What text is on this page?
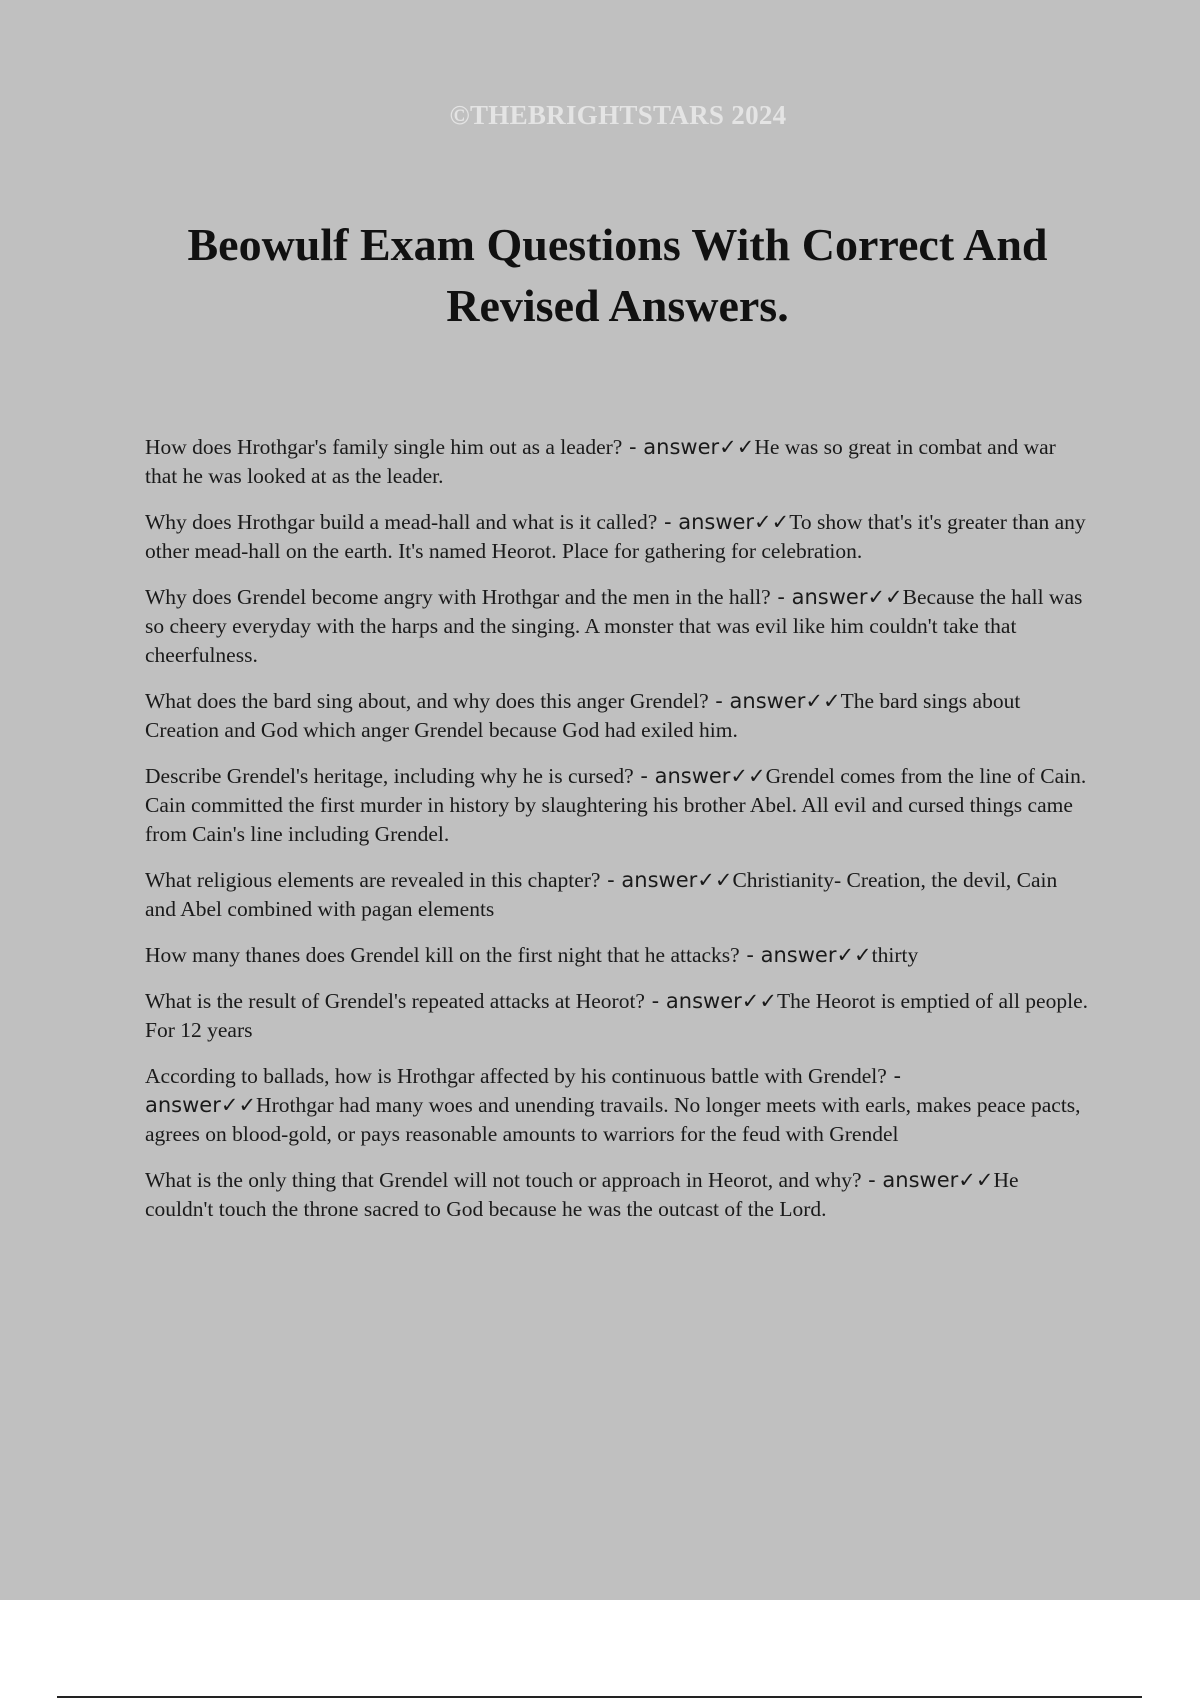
©THEBRIGHTSTARS 2024
Beowulf Exam Questions With Correct And Revised Answers.
How does Hrothgar's family single him out as a leader? - answer✓✓He was so great in combat and war that he was looked at as the leader.
Why does Hrothgar build a mead-hall and what is it called? - answer✓✓To show that's it's greater than any other mead-hall on the earth. It's named Heorot. Place for gathering for celebration.
Why does Grendel become angry with Hrothgar and the men in the hall? - answer✓✓Because the hall was so cheery everyday with the harps and the singing. A monster that was evil like him couldn't take that cheerfulness.
What does the bard sing about, and why does this anger Grendel? - answer✓✓The bard sings about Creation and God which anger Grendel because God had exiled him.
Describe Grendel's heritage, including why he is cursed? - answer✓✓Grendel comes from the line of Cain. Cain committed the first murder in history by slaughtering his brother Abel. All evil and cursed things came from Cain's line including Grendel.
What religious elements are revealed in this chapter? - answer✓✓Christianity- Creation, the devil, Cain and Abel combined with pagan elements
How many thanes does Grendel kill on the first night that he attacks? - answer✓✓thirty
What is the result of Grendel's repeated attacks at Heorot? - answer✓✓The Heorot is emptied of all people. For 12 years
According to ballads, how is Hrothgar affected by his continuous battle with Grendel? - answer✓✓Hrothgar had many woes and unending travails. No longer meets with earls, makes peace pacts, agrees on blood-gold, or pays reasonable amounts to warriors for the feud with Grendel
What is the only thing that Grendel will not touch or approach in Heorot, and why? - answer✓✓He couldn't touch the throne sacred to God because he was the outcast of the Lord.
